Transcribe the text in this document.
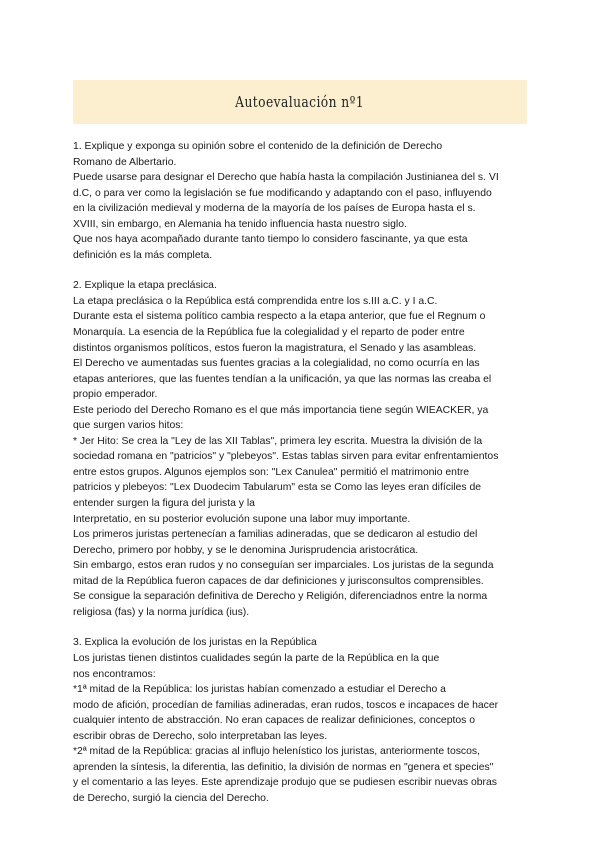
Autoevaluación nº1

1. Explique y exponga su opinión sobre el contenido de la definición de Derecho

Romano de Albertario.

Puede usarse para designar el Derecho que había hasta la compilación Justinianea del s. VI

d.C, o para ver como la legislación se fue modificando y adaptando con el paso, influyendo

en la civilización medieval y moderna de la mayoría de los países de Europa hasta el s.

XVIII, sin embargo, en Alemania ha tenido influencia hasta nuestro siglo.

Que nos haya acompañado durante tanto tiempo lo considero fascinante, ya que esta

definición es la más completa.

2. Explique la etapa preclásica.

La etapa preclásica o la República está comprendida entre los s.III a.C. y I a.C.

Durante esta el sistema político cambia respecto a la etapa anterior, que fue el Regnum o

Monarquía. La esencia de la República fue la colegialidad y el reparto de poder entre

distintos organismos políticos, estos fueron la magistratura, el Senado y las asambleas.

El Derecho ve aumentadas sus fuentes gracias a la colegialidad, no como ocurría en las

etapas anteriores, que las fuentes tendían a la unificación, ya que las normas las creaba el

propio emperador.

Este periodo del Derecho Romano es el que más importancia tiene según WIEACKER, ya

que surgen varios hitos:

* Jer Hito: Se crea la "Ley de las XII Tablas", primera ley escrita. Muestra la división de la

sociedad romana en "patricios" y "plebeyos". Estas tablas sirven para evitar enfrentamientos

entre estos grupos. Algunos ejemplos son: "Lex Canulea" permitió el matrimonio entre

patricios y plebeyos: "Lex Duodecim Tabularum" esta se Como las leyes eran difíciles de

entender surgen la figura del jurista y la

Interpretatio, en su posterior evolución supone una labor muy importante.

Los primeros juristas pertenecían a familias adineradas, que se dedicaron al estudio del

Derecho, primero por hobby, y se le denomina Jurisprudencia aristocrática.

Sin embargo, estos eran rudos y no conseguían ser imparciales. Los juristas de la segunda

mitad de la República fueron capaces de dar definiciones y jurisconsultos comprensibles.

Se consigue la separación definitiva de Derecho y Religión, diferenciadnos entre la norma

religiosa (fas) y la norma jurídica (ius).

3. Explica la evolución de los juristas en la República

Los juristas tienen distintos cualidades según la parte de la República en la que

nos encontramos:

*1ª mitad de la República: los juristas habían comenzado a estudiar el Derecho a

modo de afición, procedían de familias adineradas, eran rudos, toscos e incapaces de hacer

cualquier intento de abstracción. No eran capaces de realizar definiciones, conceptos o

escribir obras de Derecho, solo interpretaban las leyes.

*2ª mitad de la República: gracias al influjo helenístico los juristas, anteriormente toscos,

aprenden la síntesis, la diferentia, las definitio, la división de normas en "genera et species"

y el comentario a las leyes. Este aprendizaje produjo que se pudiesen escribir nuevas obras

de Derecho, surgió la ciencia del Derecho.
